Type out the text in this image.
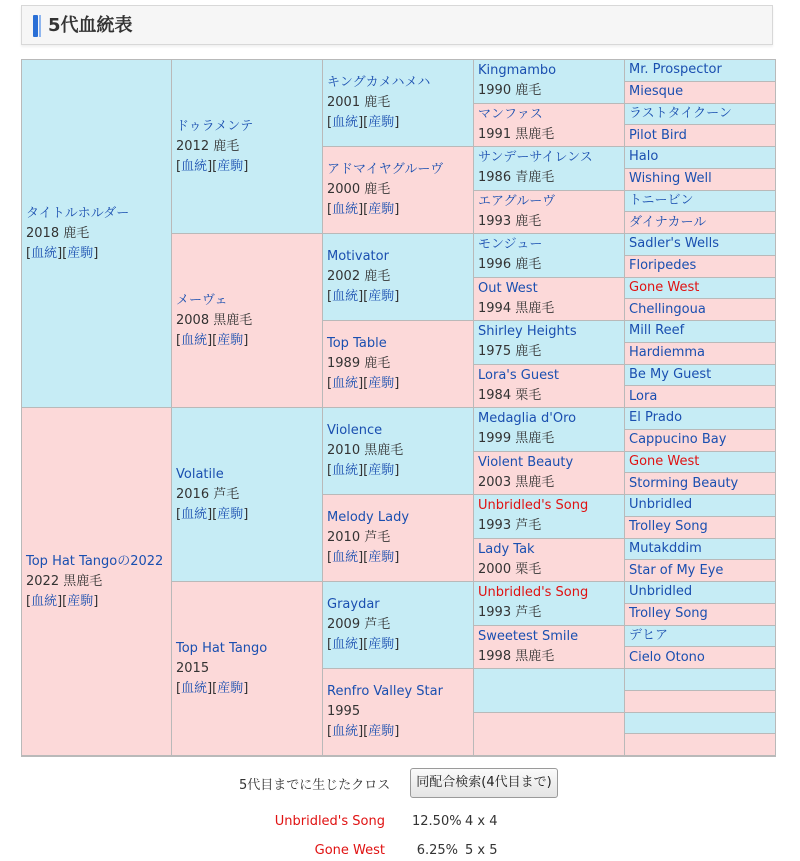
5代血統表
タイトルホルダー
2018 鹿毛
[血統][産駒]
Top Hat Tangoの2022
2022 黒鹿毛
[血統][産駒]
ドゥラメンテ
2012 鹿毛
[血統][産駒]
メーヴェ
2008 黒鹿毛
[血統][産駒]
Volatile
2016 芦毛
[血統][産駒]
Top Hat Tango
2015
[血統][産駒]
キングカメハメハ
2001 鹿毛
[血統][産駒]
アドマイヤグルーヴ
2000 鹿毛
[血統][産駒]
Motivator
2002 鹿毛
[血統][産駒]
Top Table
1989 鹿毛
[血統][産駒]
Violence
2010 黒鹿毛
[血統][産駒]
Melody Lady
2010 芦毛
[血統][産駒]
Graydar
2009 芦毛
[血統][産駒]
Renfro Valley Star
1995
[血統][産駒]
Kingmambo
1990 鹿毛
マンファス
1991 黒鹿毛
サンデーサイレンス
1986 青鹿毛
エアグルーヴ
1993 鹿毛
モンジュー
1996 鹿毛
Out West
1994 黒鹿毛
Shirley Heights
1975 鹿毛
Lora's Guest
1984 栗毛
Medaglia d'Oro
1999 黒鹿毛
Violent Beauty
2003 黒鹿毛
Unbridled's Song
1993 芦毛
Lady Tak
2000 栗毛
Unbridled's Song
1993 芦毛
Sweetest Smile
1998 黒鹿毛
Mr. Prospector
Miesque
ラストタイクーン
Pilot Bird
Halo
Wishing Well
トニービン
ダイナカール
Sadler's Wells
Floripedes
Gone West
Chellingoua
Mill Reef
Hardiemma
Be My Guest
Lora
El Prado
Cappucino Bay
Gone West
Storming Beauty
Unbridled
Trolley Song
Mutakddim
Star of My Eye
Unbridled
Trolley Song
デヒア
Cielo Otono
5代目までに生じたクロス	同配合検索(4代目まで)
Unbridled's Song 12.50% 4 x 4
Gone West	6.25% 5 x 5
